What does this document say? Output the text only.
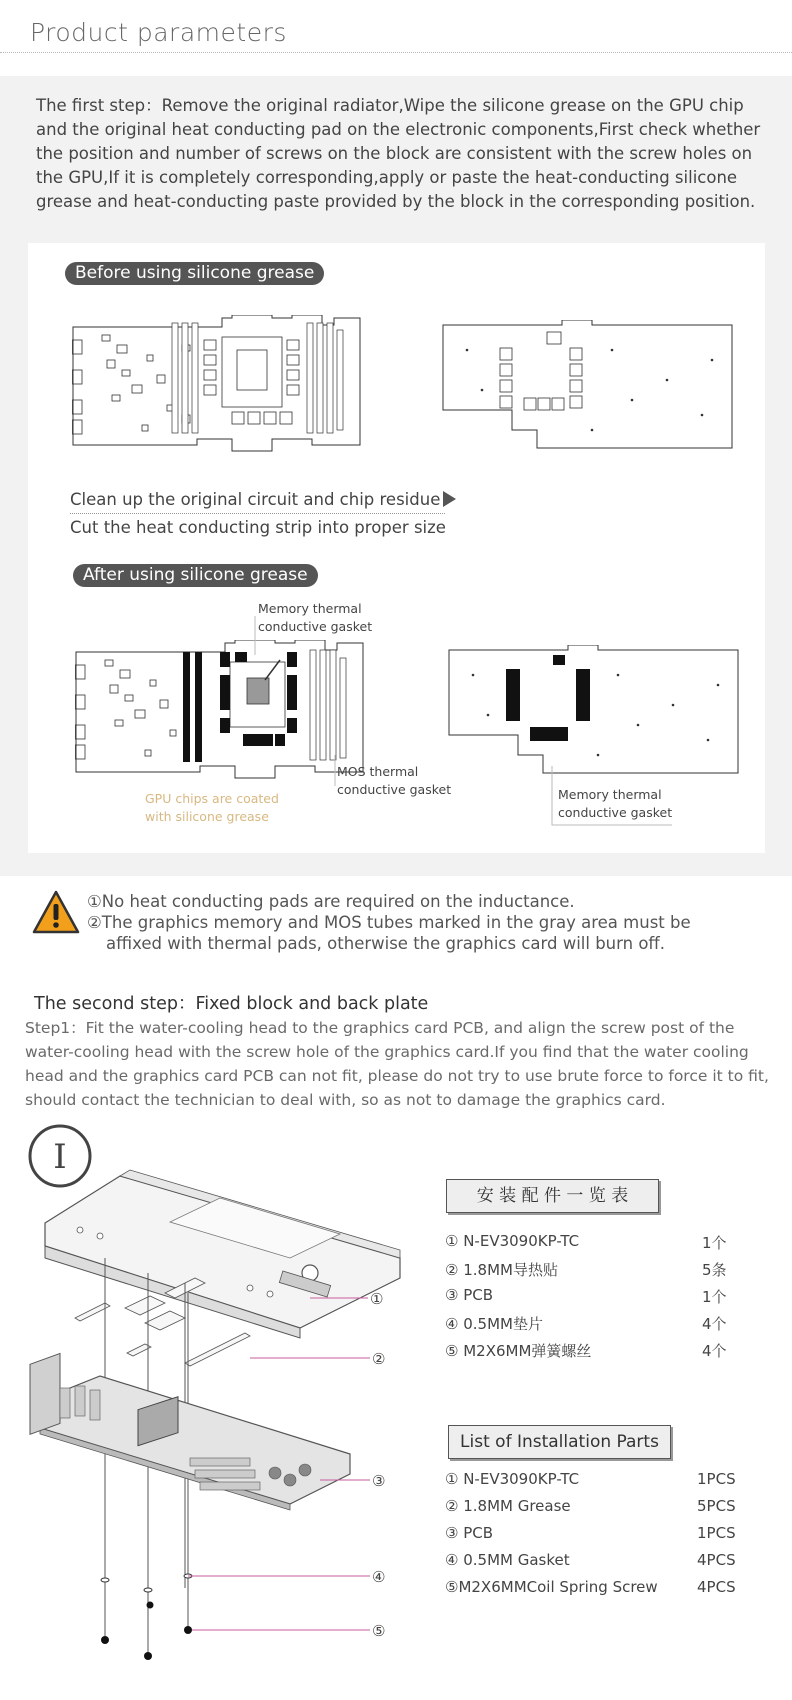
Product parameters
The first step：Remove the original radiator,Wipe the silicone grease on the GPU chip and the original heat conducting pad on the electronic components,First check whether the position and number of screws on the block are consistent with the screw holes on the GPU,If it is completely corresponding,apply or paste the heat-conducting silicone grease and heat-conducting paste provided by the block in the corresponding position.
Before using silicone grease
Clean up the original circuit and chip residue
Cut the heat conducting strip into proper size
After using silicone grease
Memory thermal
conductive gasket
MOS thermal
conductive gasket
GPU chips are coated
with silicone grease
Memory thermal
conductive gasket
①No heat conducting pads are required on the inductance.
②The graphics memory and MOS tubes marked in the gray area must be
affixed with thermal pads, otherwise the graphics card will burn off.
The second step：Fixed block and back plate
Step1：Fit the water-cooling head to the graphics card PCB, and align the screw post of the water-cooling head with the screw hole of the graphics card.If you find that the water cooling head and the graphics card PCB can not fit, please do not try to use brute force to force it to fit, should contact the technician to deal with, so as not to damage the graphics card.
Ⅰ
①
②
③
④
⑤
安 装 配 件 一 览 表
① N-EV3090KP-TC	1个
② 1.8MM导热贴	5条
③ PCB	1个
④ 0.5MM垫片	4个
⑤ M2X6MM弹簧螺丝	4个
List of Installation Parts
① N-EV3090KP-TC	1PCS
② 1.8MM Grease	5PCS
③ PCB	1PCS
④ 0.5MM Gasket	4PCS
⑤M2X6MMCoil Spring Screw	4PCS
